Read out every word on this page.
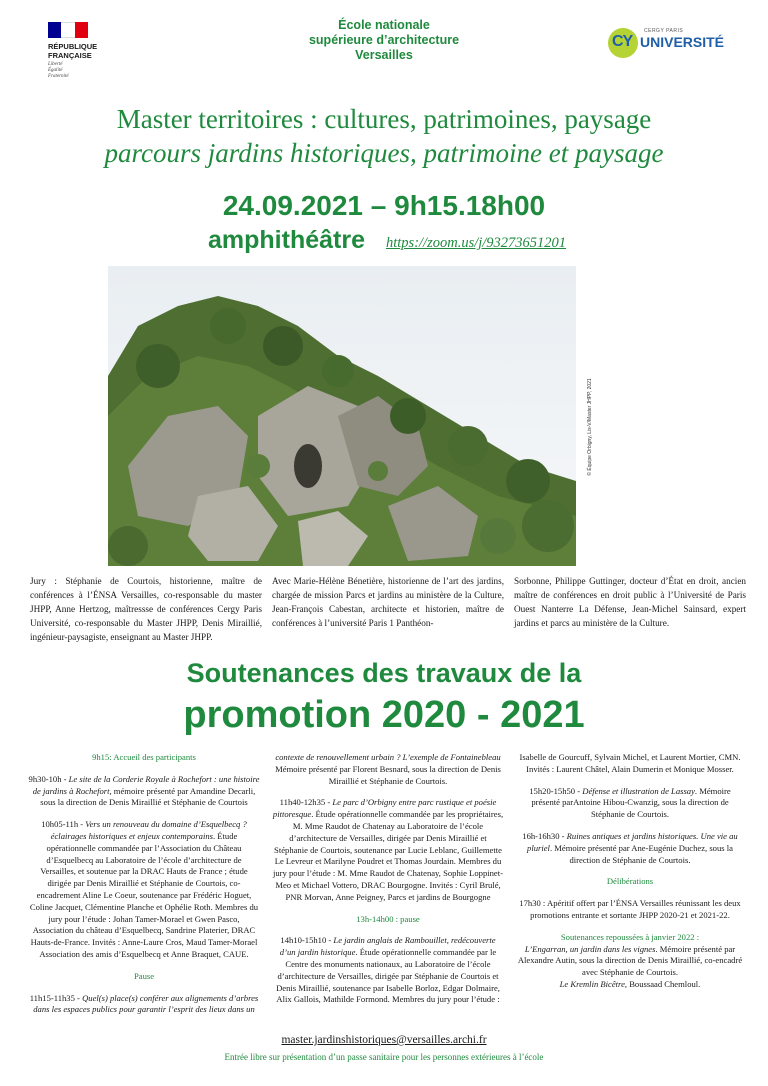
RÉPUBLIQUE
FRANÇAISE
Liberté
Égalité
Fraternité
École nationale
supérieure d’architecture
Versailles
CY
CERGY PARIS
UNIVERSITÉ
Master territoires : cultures, patrimoines, paysage
parcours jardins historiques, patrimoine et paysage
24.09.2021 – 9h15.18h00
amphithéâtre https://zoom.us/j/93273651201
© Équipe Orbigny, Lis-V/Master JHPP, 2021
Jury : Stéphanie de Courtois, historienne, maître de conférences à l’ÉNSA Versailles, co-responsable du master JHPP, Anne Hertzog, maîtressse de conférences Cergy Paris Université, co-responsable du Master JHPP, Denis Miraillié, ingénieur-paysagiste, enseignant au Master JHPP.
Avec Marie-Hélène Bénetière, historienne de l’art des jardins, chargée de mission Parcs et jardins au ministère de la Culture, Jean-François Cabestan, architecte et historien, maître de conférences à l’université Paris 1 Panthéon-
Sorbonne, Philippe Guttinger, docteur d’État en droit, ancien maître de conférences en droit public à l’Université de Paris Ouest Nanterre La Défense, Jean-Michel Sainsard, expert jardins et parcs au ministère de la Culture.
Soutenances des travaux de la
promotion 2020 - 2021

9h15: Accueil des participants

9h30-10h - Le site de la Corderie Royale à Rochefort : une histoire de jardins à Rochefort, mémoire présenté par Amandine Decarli, sous la direction de Denis Miraillié et Stéphanie de Courtois

10h05-11h - Vers un renouveau du domaine d’Esquelbecq ? éclairages historiques et enjeux contemporains. Étude opérationnelle commandée par l’Association du Château d’Esquelbecq au Laboratoire de l’école d’architecture de Versailles, et soutenue par la DRAC Hauts de France ; étude dirigée par Denis Miraillié et Stéphanie de Courtois, co-encadrement Aline Le Coeur, soutenance par Frédéric Hoguet, Coline Jacquet, Clémentine Planche et Ophélie Roth. Membres du jury pour l’étude : Johan Tamer-Morael et Gwen Pasco, Association du château d’Esquelbecq, Sandrine Platerier, DRAC Hauts-de-France. Invités : Anne-Laure Cros, Maud Tamer-Morael Association des amis d’Esquelbecq et Anne Braquet, CAUE.

Pause

11h15-11h35 - Quel(s) place(s) conférer aux alignements d’arbres dans les espaces publics pour garantir l’esprit des lieux dans un

contexte de renouvellement urbain ? L’exemple de Fontainebleau Mémoire présenté par Florent Besnard, sous la direction de Denis Miraillié et Stéphanie de Courtois.

11h40-12h35 - Le parc d’Orbigny entre parc rustique et poésie pittoresque. Étude opérationnelle commandée par les propriétaires, M. Mme Raudot de Chatenay au Laboratoire de l’école d’architecture de Versailles, dirigée par Denis Miraillié et Stéphanie de Courtois, soutenance par Lucie Leblanc, Guillemette Le Levreur et Marilyne Poudret et Thomas Jourdain. Membres du jury pour l’étude : M. Mme Raudot de Chatenay, Sophie Loppinet-Meo et Michael Vottero, DRAC Bourgogne. Invités : Cyril Brulé, PNR Morvan, Anne Peigney, Parcs et jardins de Bourgogne

13h-14h00 : pause

14h10-15h10 - Le jardin anglais de Rambouillet, redécouverte d’un jardin historique. Étude opérationnelle commandée par le Centre des monuments nationaux, au Laboratoire de l’école d’architecture de Versailles, dirigée par Stéphanie de Courtois et Denis Miraillié, soutenance par Isabelle Borloz, Edgar Dolmaire, Alix Gallois, Mathilde Formond. Membres du jury pour l’étude :

Isabelle de Gourcuff, Sylvain Michel, et Laurent Mortier, CMN. Invités : Laurent Châtel, Alain Dumerin et Monique Mosser.

15h20-15h50 - Défense et illustration de Lassay. Mémoire présenté parAntoine Hibou-Cwanzig, sous la direction de Stéphanie de Courtois.

16h-16h30 - Ruines antiques et jardins historiques. Une vie au pluriel. Mémoire présenté par Ane-Eugénie Duchez, sous la direction de Stéphanie de Courtois.

Délibérations

17h30 : Apéritif offert par l’ÉNSA Versailles réunissant les deux promotions entrante et sortante JHPP 2020-21 et 2021-22.

Soutenances repoussées à janvier 2022 :
L’Engarran, un jardin dans les vignes. Mémoire présenté par Alexandre Autin, sous la direction de Denis Miraillié, co-encadré avec Stéphanie de Courtois.
Le Kremlin Bicêtre, Boussaad Chemloul.

master.jardinshistoriques@versailles.archi.fr
Entrée libre sur présentation d’un passe sanitaire pour les personnes extérieures à l’école
